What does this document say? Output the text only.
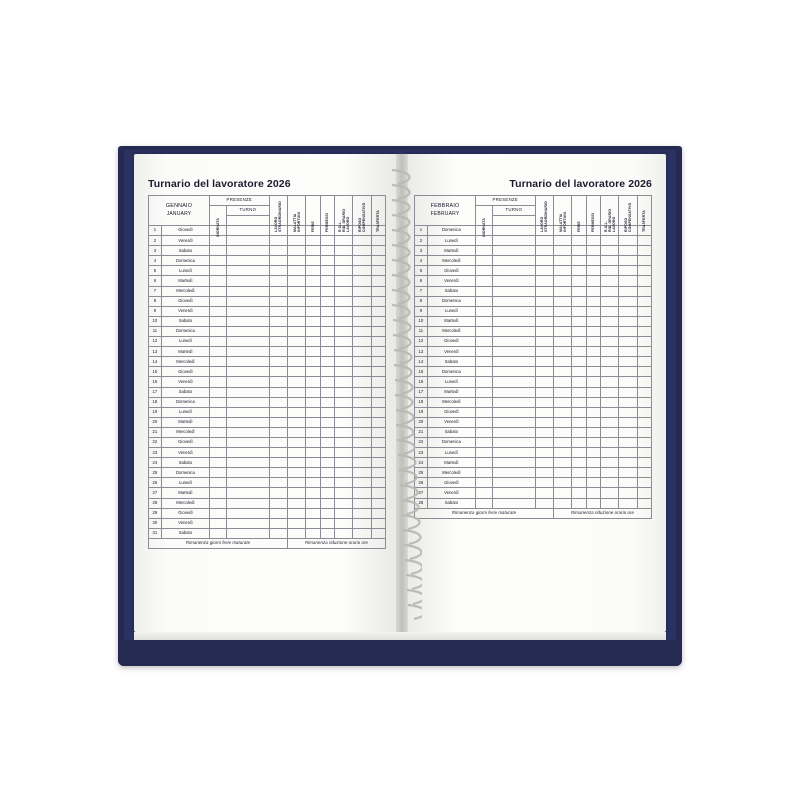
Turnario del lavoratore 2026
GENNAIO
JANUARY		PRESENZE		LAVORO STRAORDINARIO	MALATTIA INFORTUNI	FERIE	PERMESSI	R.O.L. RID. ORARIO LAVORO	RIPOSO COMPENSATIVO	TRASFERTA

		GIORNATA	TURNO							

1	Giovedì									
2	Venerdì									
3	Sabato									
4	Domenica									
5	Lunedì									
6	Martedì									
7	Mercoledì									
8	Giovedì									
9	Venerdì									
10	Sabato									
11	Domenica									
12	Lunedì									
13	Martedì									
14	Mercoledì									
15	Giovedì									
16	Venerdì									
17	Sabato									
18	Domenica									
19	Lunedì									
20	Martedì									
21	Mercoledì									
22	Giovedì									
23	Venerdì									
24	Sabato									
25	Domenica									
26	Lunedì									
27	Martedì									
28	Mercoledì									
29	Giovedì									
30	Venerdì									
31	Sabato									
Rimanenza giorni ferie maturate					Rimanenza riduzione orario ore					
Turnario del lavoratore 2026
FEBBRAIO
FEBRUARY		PRESENZE		LAVORO STRAORDINARIO	MALATTIA INFORTUNI	FERIE	PERMESSI	R.O.L. RID. ORARIO LAVORO	RIPOSO COMPENSATIVO	TRASFERTA

		GIORNATA	TURNO							

1	Domenica									
2	Lunedì									
3	Martedì									
4	Mercoledì									
5	Giovedì									
6	Venerdì									
7	Sabato									
8	Domenica									
9	Lunedì									
10	Martedì									
11	Mercoledì									
12	Giovedì									
13	Venerdì									
14	Sabato									
15	Domenica									
16	Lunedì									
17	Martedì									
18	Mercoledì									
19	Giovedì									
20	Venerdì									
21	Sabato									
22	Domenica									
23	Lunedì									
24	Martedì									
25	Mercoledì									
26	Giovedì									
27	Venerdì									
28	Sabato									
Rimanenza giorni ferie maturate					Rimanenza riduzione orario ore					
